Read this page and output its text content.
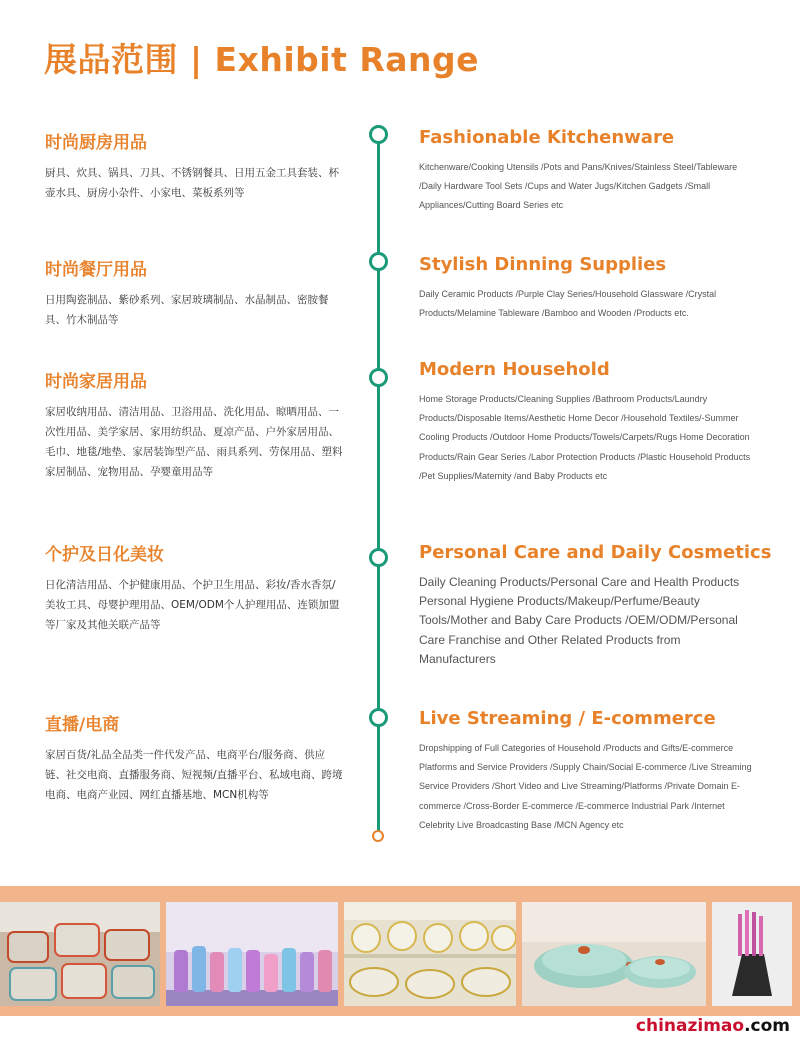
展品范围 | Exhibit Range
时尚厨房用品
厨具、炊具、锅具、刀具、不锈钢餐具、日用五金工具套装、杯壶水具、厨房小杂件、小家电、菜板系列等
Fashionable Kitchenware
Kitchenware/Cooking Utensils /Pots and Pans/Knives/Stainless Steel/Tableware /Daily Hardware Tool Sets /Cups and Water Jugs/Kitchen Gadgets /Small Appliances/Cutting Board Series etc
时尚餐厅用品
日用陶瓷制品、紫砂系列、家居玻璃制品、水晶制品、密胺餐具、竹木制品等
Stylish Dinning Supplies
Daily Ceramic Products /Purple Clay Series/Household Glassware /Crystal Products/Melamine Tableware /Bamboo and Wooden /Products etc.
时尚家居用品
家居收纳用品、清洁用品、卫浴用品、洗化用品、晾晒用品、一次性用品、美学家居、家用纺织品、夏凉产品、户外家居用品、毛巾、地毯/地垫、家居装饰型产品、雨具系列、劳保用品、塑料家居制品、宠物用品、孕婴童用品等
Modern Household
Home Storage Products/Cleaning Supplies /Bathroom Products/Laundry Products/Disposable Items/Aesthetic Home Decor /Household Textiles/-Summer Cooling Products /Outdoor Home Products/Towels/Carpets/Rugs Home Decoration Products/Rain Gear Series /Labor Protection Products /Plastic Household Products /Pet Supplies/Maternity /and Baby Products etc
个护及日化美妆
日化清洁用品、个护健康用品、个护卫生用品、彩妆/香水香氛/美妆工具、母婴护理用品、OEM/ODM个人护理用品、连锁加盟等厂家及其他关联产品等
Personal Care and Daily Cosmetics
Daily Cleaning Products/Personal Care and Health Products Personal Hygiene Products/Makeup/Perfume/Beauty Tools/Mother and Baby Care Products /OEM/ODM/Personal Care Franchise and Other Related Products from Manufacturers
直播/电商
家居百货/礼品全品类一件代发产品、电商平台/服务商、供应链、社交电商、直播服务商、短视频/直播平台、私域电商、跨境电商、电商产业园、网红直播基地、MCN机构等
Live Streaming / E-commerce
Dropshipping of Full Categories of Household /Products and Gifts/E-commerce Platforms and Service Providers /Supply Chain/Social E-commerce /Live Streaming Service Providers /Short Video and Live Streaming/Platforms /Private Domain E-commerce /Cross-Border E-commerce /E-commerce Industrial Park /Internet Celebrity Live Broadcasting Base /MCN Agency etc
chinazimao.com
